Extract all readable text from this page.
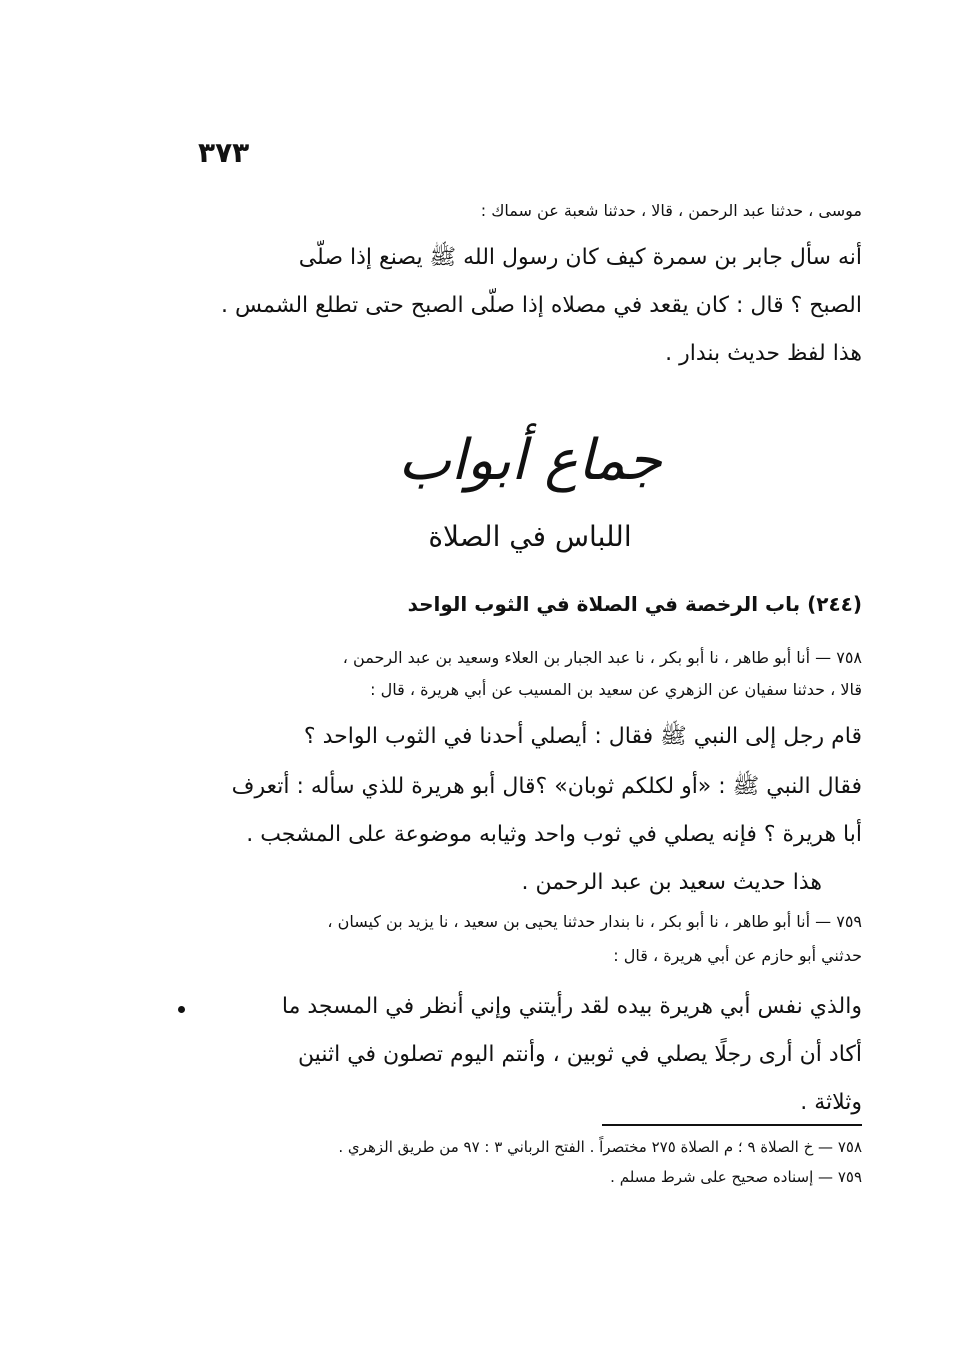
٣٧٣
موسى ، حدثنا عبد الرحمن ، قالا ، حدثنا شعبة عن سماك :
أنه سأل جابر بن سمرة كيف كان رسول الله ﷺ يصنع إذا صلّى
الصبح ؟ قال : كان يقعد في مصلاه إذا صلّى الصبح حتى تطلع الشمس .
هذا لفظ حديث بندار .
جماع أبواب
اللباس في الصلاة
(٢٤٤) باب الرخصة في الصلاة في الثوب الواحد
٧٥٨ — أنا أبو طاهر ، نا أبو بكر ، نا عبد الجبار بن العلاء وسعيد بن عبد الرحمن ،
قالا ، حدثنا سفيان عن الزهري عن سعيد بن المسيب عن أبي هريرة ، قال :
قام رجل إلى النبي ﷺ فقال : أيصلي أحدنا في الثوب الواحد ؟
فقال النبي ﷺ : «أو لكلكم ثوبان» ؟قال أبو هريرة للذي سأله : أتعرف
أبا هريرة ؟ فإنه يصلي في ثوب واحد وثيابه موضوعة على المشجب .
هذا حديث سعيد بن عبد الرحمن .
٧٥٩ — أنا أبو طاهر ، نا أبو بكر ، نا بندار حدثنا يحيى بن سعيد ، نا يزيد بن كيسان ،
حدثني أبو حازم عن أبي هريرة ، قال :
والذي نفس أبي هريرة بيده لقد رأيتني وإني أنظر في المسجد ما
أكاد أن أرى رجلًا يصلي في ثوبين ، وأنتم اليوم تصلون في اثنين
وثلاثة .
٧٥٨ — خ الصلاة ٩ ؛ م الصلاة ٢٧٥ مختصراً . الفتح الرباني ٣ : ٩٧ من طريق الزهري .
٧٥٩ — إسناده صحيح على شرط مسلم .
